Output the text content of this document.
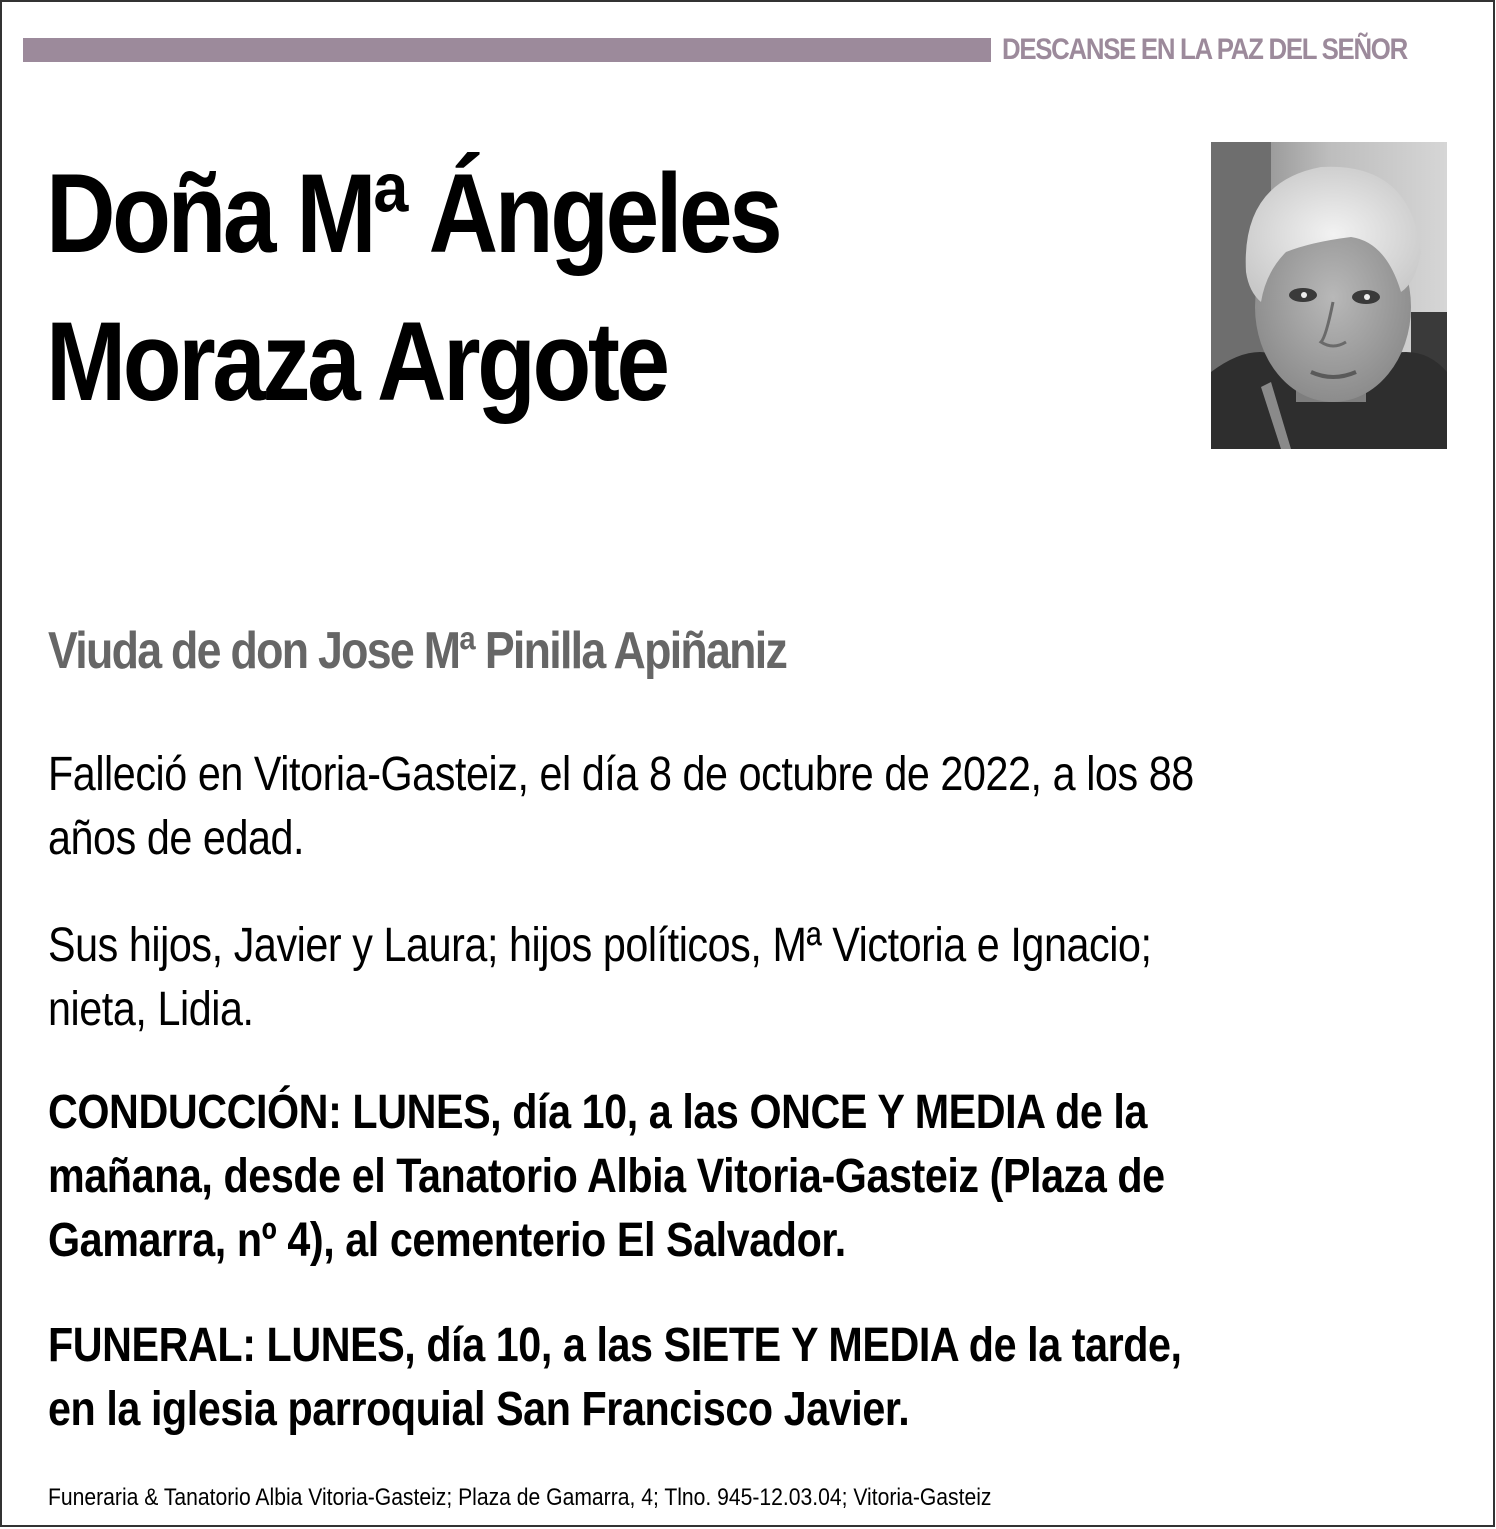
DESCANSE EN LA PAZ DEL SEÑOR
Doña Mª Ángeles
Moraza Argote
Viuda de don Jose Mª Pinilla Apiñaniz
Falleció en Vitoria-Gasteiz, el día 8 de octubre de 2022, a los 88
años de edad.
Sus hijos, Javier y Laura; hijos políticos, Mª Victoria e Ignacio;
nieta, Lidia.
CONDUCCIÓN: LUNES, día 10, a las ONCE Y MEDIA de la
mañana, desde el Tanatorio Albia Vitoria-Gasteiz (Plaza de
Gamarra, nº 4), al cementerio El Salvador.
FUNERAL: LUNES, día 10, a las SIETE Y MEDIA de la tarde,
en la iglesia parroquial San Francisco Javier.
Funeraria & Tanatorio Albia Vitoria-Gasteiz; Plaza de Gamarra, 4; Tlno. 945-12.03.04; Vitoria-Gasteiz
